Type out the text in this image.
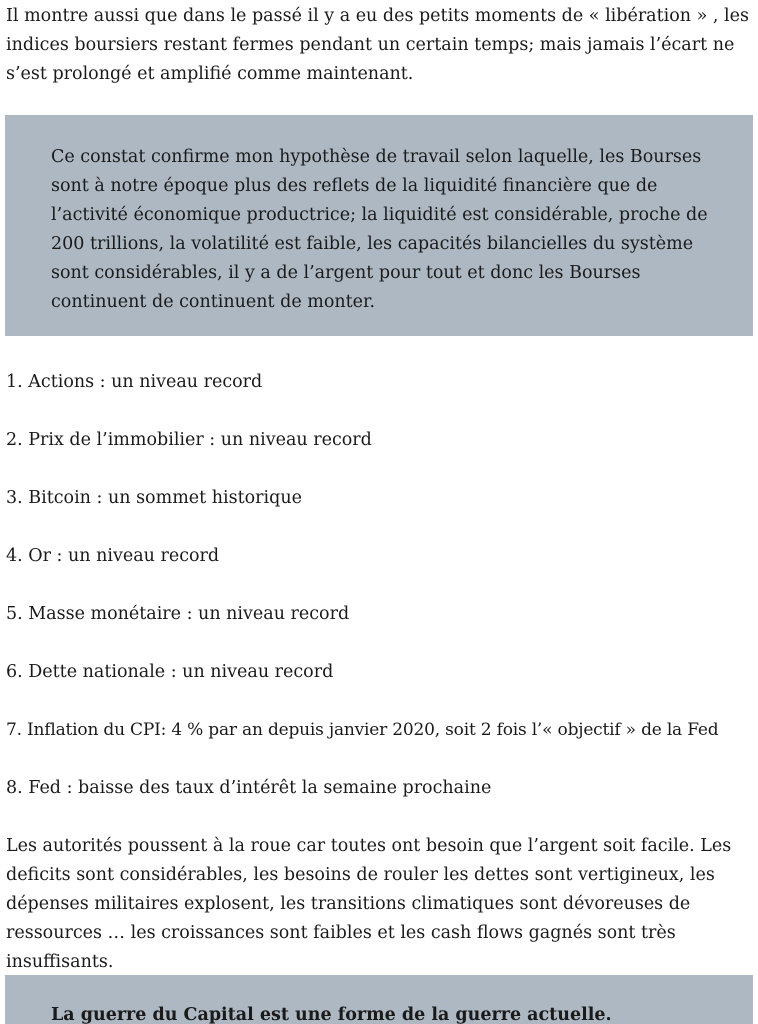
Il montre aussi que dans le passé il y a eu des petits moments de « libération » , les indices boursiers restant fermes pendant un certain temps; mais jamais l’écart ne s’est prolongé et amplifié comme maintenant.

Ce constat confirme mon hypothèse de travail selon laquelle, les Bourses sont à notre époque plus des reflets de la liquidité financière que de l’activité économique productrice; la liquidité est considérable, proche de 200 trillions, la volatilité est faible, les capacités bilancielles du système sont considérables, il y a de l’argent pour tout et donc les Bourses continuent de continuent de monter.

1. Actions : un niveau record

2. Prix de l’immobilier : un niveau record

3. Bitcoin : un sommet historique

4. Or : un niveau record

5. Masse monétaire : un niveau record

6. Dette nationale : un niveau record

7. Inflation du CPI: 4 % par an depuis janvier 2020, soit 2 fois l’« objectif » de la Fed

8. Fed : baisse des taux d’intérêt la semaine prochaine

Les autorités poussent à la roue car toutes ont besoin que l’argent soit facile. Les deficits sont considérables, les besoins de rouler les dettes sont vertigineux, les dépenses militaires explosent, les transitions climatiques sont dévoreuses de ressources … les croissances sont faibles et les cash flows gagnés sont très insuffisants.

La guerre du Capital est une forme de la guerre actuelle.
